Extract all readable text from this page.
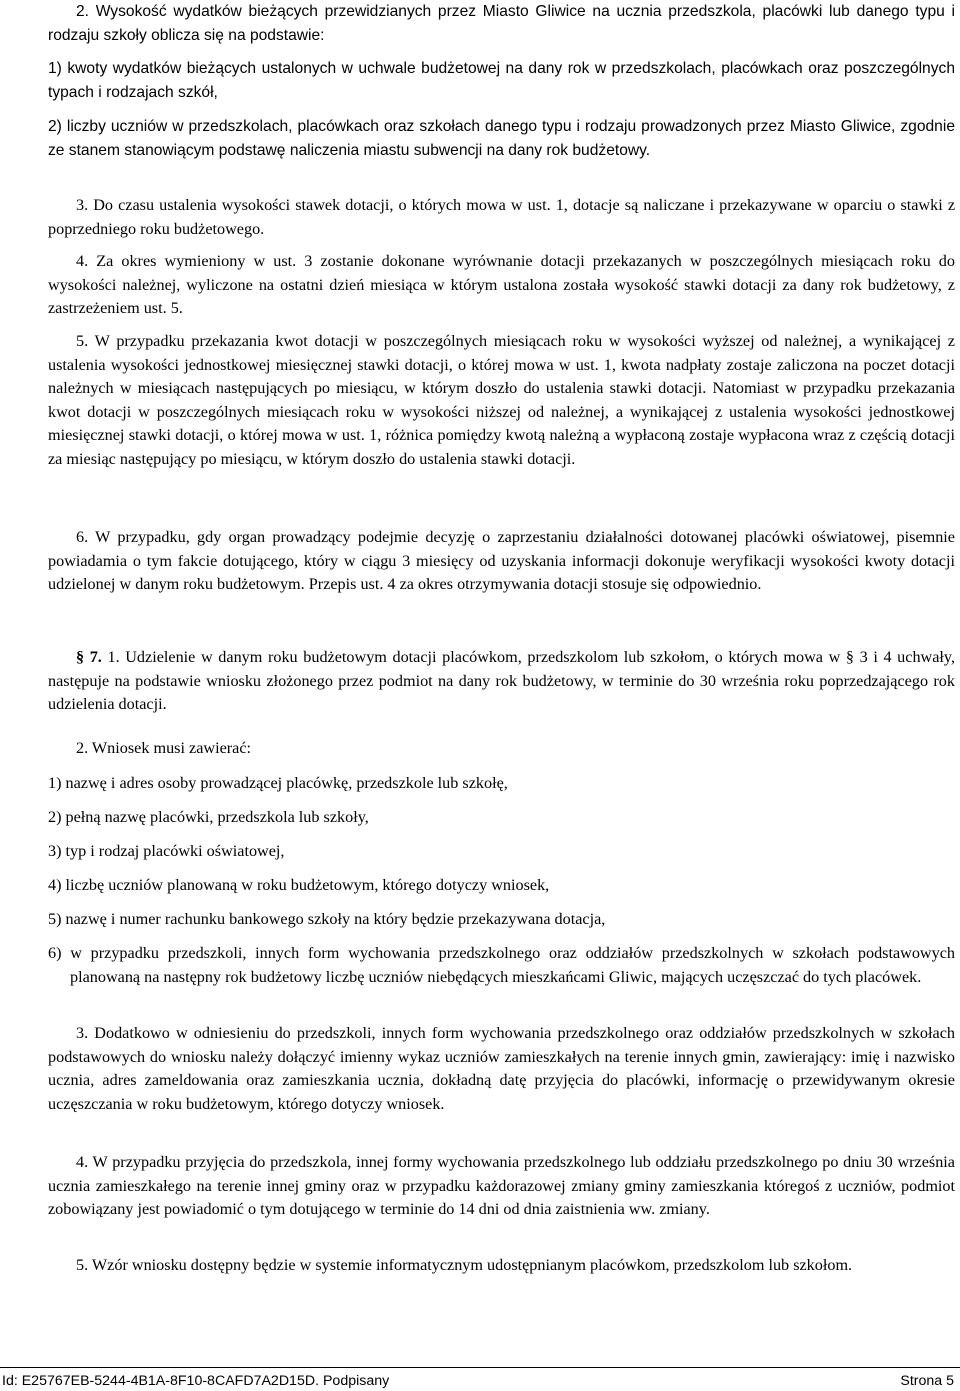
2. Wysokość wydatków bieżących przewidzianych przez Miasto Gliwice na ucznia przedszkola, placówki lub danego typu i rodzaju szkoły oblicza się na podstawie:

1) kwoty wydatków bieżących ustalonych w uchwale budżetowej na dany rok w przedszkolach, placówkach oraz poszczególnych typach i rodzajach szkół,

2) liczby uczniów w przedszkolach, placówkach oraz szkołach danego typu i rodzaju prowadzonych przez Miasto Gliwice, zgodnie ze stanem stanowiącym podstawę naliczenia miastu subwencji na dany rok budżetowy.

3. Do czasu ustalenia wysokości stawek dotacji, o których mowa w ust. 1, dotacje są naliczane i przekazywane w oparciu o stawki z poprzedniego roku budżetowego.

4. Za okres wymieniony w ust. 3 zostanie dokonane wyrównanie dotacji przekazanych w poszczególnych miesiącach roku do wysokości należnej, wyliczone na ostatni dzień miesiąca w którym ustalona została wysokość stawki dotacji za dany rok budżetowy, z zastrzeżeniem ust. 5.

5. W przypadku przekazania kwot dotacji w poszczególnych miesiącach roku w wysokości wyższej od należnej, a wynikającej z ustalenia wysokości jednostkowej miesięcznej stawki dotacji, o której mowa w ust. 1, kwota nadpłaty zostaje zaliczona na poczet dotacji należnych w miesiącach następujących po miesiącu, w którym doszło do ustalenia stawki dotacji. Natomiast w przypadku przekazania kwot dotacji w poszczególnych miesiącach roku w wysokości niższej od należnej, a wynikającej z ustalenia wysokości jednostkowej miesięcznej stawki dotacji, o której mowa w ust. 1, różnica pomiędzy kwotą należną a wypłaconą zostaje wypłacona wraz z częścią dotacji za miesiąc następujący po miesiącu, w którym doszło do ustalenia stawki dotacji.

6. W przypadku, gdy organ prowadzący podejmie decyzję o zaprzestaniu działalności dotowanej placówki oświatowej, pisemnie powiadamia o tym fakcie dotującego, który w ciągu 3 miesięcy od uzyskania informacji dokonuje weryfikacji wysokości kwoty dotacji udzielonej w danym roku budżetowym. Przepis ust. 4 za okres otrzymywania dotacji stosuje się odpowiednio.

§ 7. 1. Udzielenie w danym roku budżetowym dotacji placówkom, przedszkolom lub szkołom, o których mowa w § 3 i 4 uchwały, następuje na podstawie wniosku złożonego przez podmiot na dany rok budżetowy, w terminie do 30 września roku poprzedzającego rok udzielenia dotacji.

2. Wniosek musi zawierać:

1) nazwę i adres osoby prowadzącej placówkę, przedszkole lub szkołę,

2) pełną nazwę placówki, przedszkola lub szkoły,

3) typ i rodzaj placówki oświatowej,

4) liczbę uczniów planowaną w roku budżetowym, którego dotyczy wniosek,

5) nazwę i numer rachunku bankowego szkoły na który będzie przekazywana dotacja,

6) w przypadku przedszkoli, innych form wychowania przedszkolnego oraz oddziałów przedszkolnych w szkołach podstawowych planowaną na następny rok budżetowy liczbę uczniów niebędących mieszkańcami Gliwic, mających uczęszczać do tych placówek.

3. Dodatkowo w odniesieniu do przedszkoli, innych form wychowania przedszkolnego oraz oddziałów przedszkolnych w szkołach podstawowych do wniosku należy dołączyć imienny wykaz uczniów zamieszkałych na terenie innych gmin, zawierający: imię i nazwisko ucznia, adres zameldowania oraz zamieszkania ucznia, dokładną datę przyjęcia do placówki, informację o przewidywanym okresie uczęszczania w roku budżetowym, którego dotyczy wniosek.

4. W przypadku przyjęcia do przedszkola, innej formy wychowania przedszkolnego lub oddziału przedszkolnego po dniu 30 września ucznia zamieszkałego na terenie innej gminy oraz w przypadku każdorazowej zmiany gminy zamieszkania któregoś z uczniów, podmiot zobowiązany jest powiadomić o tym dotującego w terminie do 14 dni od dnia zaistnienia ww. zmiany.

5. Wzór wniosku dostępny będzie w systemie informatycznym udostępnianym placówkom, przedszkolom lub szkołom.

Id: E25767EB-5244-4B1A-8F10-8CAFD7A2D15D. Podpisany	Strona 5
